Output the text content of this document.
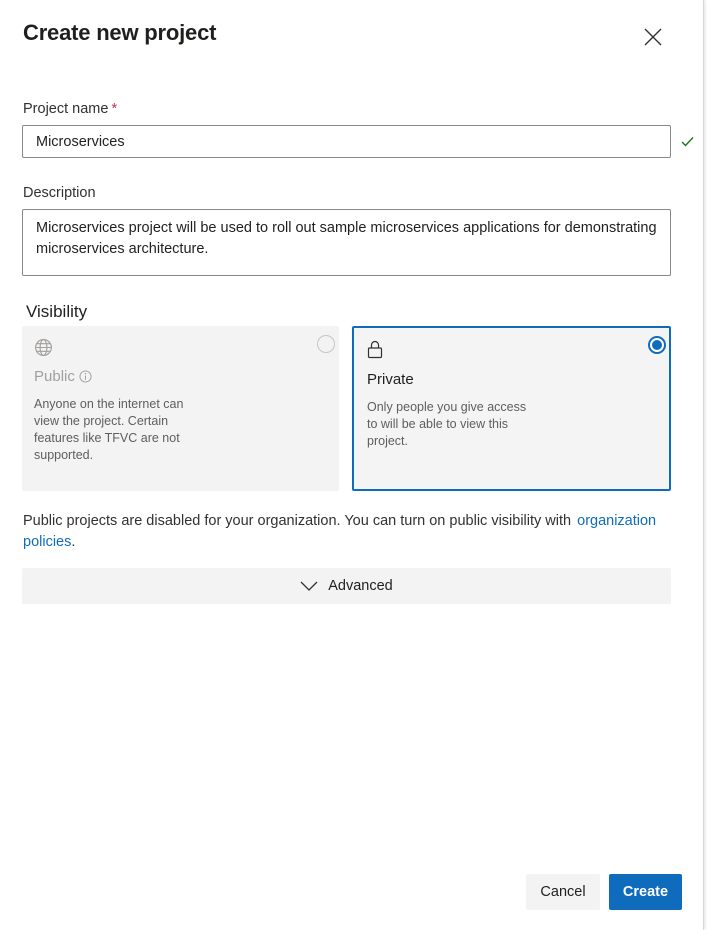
Create new project
Project name *
Microservices
Description
Microservices project will be used to roll out sample microservices applications for demonstrating microservices architecture.
Visibility
Public
Anyone on the internet can view the project. Certain features like TFVC are not supported.
Private
Only people you give access to will be able to view this project.
Public projects are disabled for your organization. You can turn on public visibility with organization policies.
Advanced
Cancel	Create
